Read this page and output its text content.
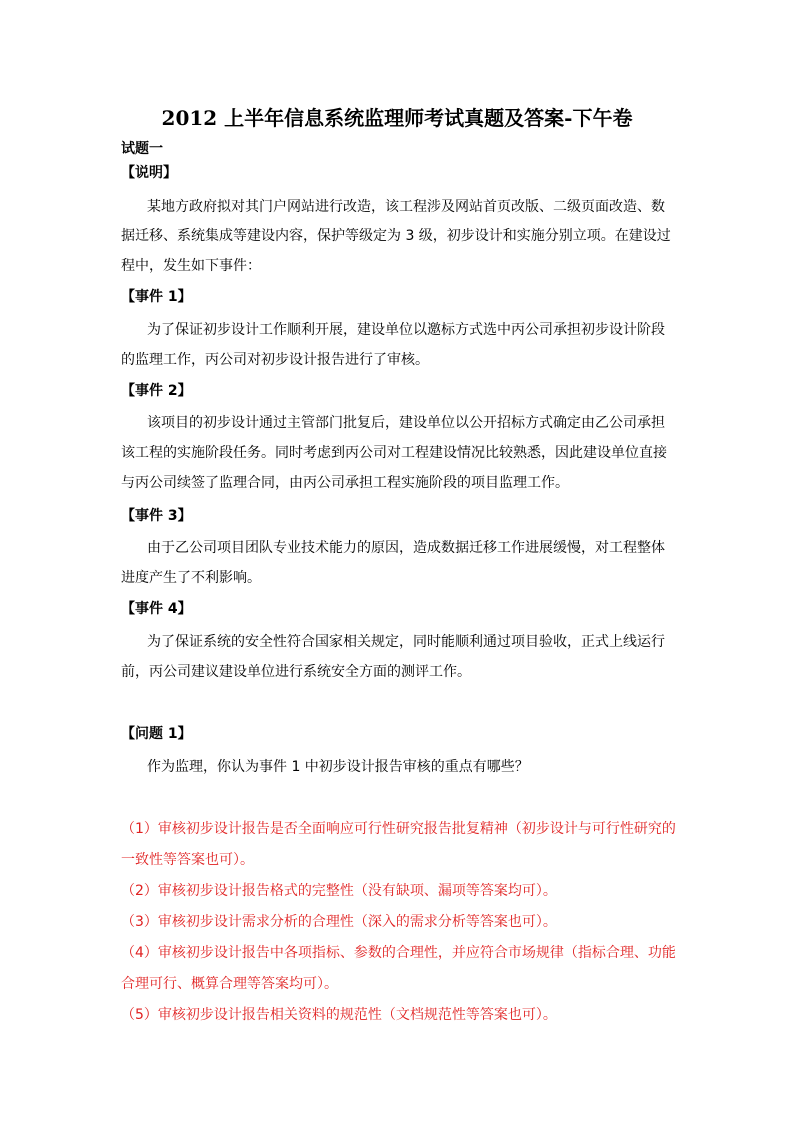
2012 上半年信息系统监理师考试真题及答案-下午卷
试题一
【说明】
某地方政府拟对其门户网站进行改造，该工程涉及网站首页改版、二级页面改造、数
据迁移、系统集成等建设内容，保护等级定为 3 级，初步设计和实施分别立项。在建设过
程中，发生如下事件：
【事件 1】
为了保证初步设计工作顺利开展，建设单位以邀标方式选中丙公司承担初步设计阶段
的监理工作，丙公司对初步设计报告进行了审核。
【事件 2】
该项目的初步设计通过主管部门批复后，建设单位以公开招标方式确定由乙公司承担
该工程的实施阶段任务。同时考虑到丙公司对工程建设情况比较熟悉，因此建设单位直接
与丙公司续签了监理合同，由丙公司承担工程实施阶段的项目监理工作。
【事件 3】
由于乙公司项目团队专业技术能力的原因，造成数据迁移工作进展缓慢，对工程整体
进度产生了不利影响。
【事件 4】
为了保证系统的安全性符合国家相关规定，同时能顺利通过项目验收，正式上线运行
前，丙公司建议建设单位进行系统安全方面的测评工作。
【问题 1】
作为监理，你认为事件 1 中初步设计报告审核的重点有哪些？
（1）审核初步设计报告是否全面响应可行性研究报告批复精神（初步设计与可行性研究的
一致性等答案也可）。
（2）审核初步设计报告格式的完整性（没有缺项、漏项等答案均可）。
（3）审核初步设计需求分析的合理性（深入的需求分析等答案也可）。
（4）审核初步设计报告中各项指标、参数的合理性，并应符合市场规律（指标合理、功能
合理可行、概算合理等答案均可）。
（5）审核初步设计报告相关资料的规范性（文档规范性等答案也可）。
